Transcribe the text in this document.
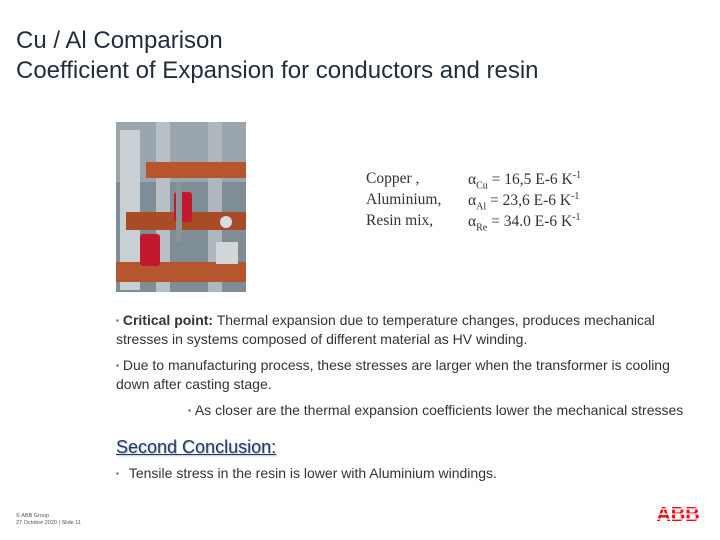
Cu / Al Comparison
Coefficient of Expansion for conductors and resin
Copper ,	$\alpha_{Cu} = 16,5$ E-6 $K^{-1}$
Aluminium, $\alpha_{Al} = 23,6$ E-6 $K^{-1}$
Resin mix, $\alpha_{Re} = 34.0$ E-6 $K^{-1}$
▪ Critical point: Thermal expansion due to temperature changes, produces mechanical stresses in systems composed of different material as HV winding.
▪ Due to manufacturing process, these stresses are larger when the transformer is cooling down after casting stage.
▪ As closer are the thermal expansion coefficients lower the mechanical stresses
Second Conclusion:
▪ Tensile stress in the resin is lower with Aluminium windings.
© ABB Group
27 Octobre 2020 | Slide 11	ABB
